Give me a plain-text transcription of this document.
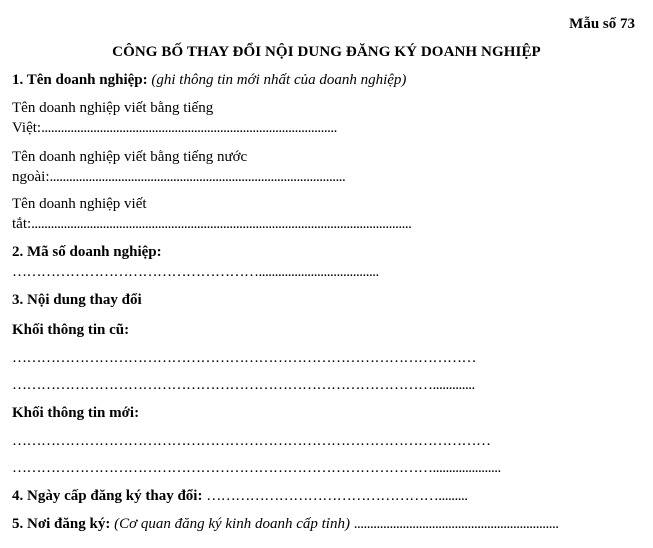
Mẫu số 73
CÔNG BỐ THAY ĐỔI NỘI DUNG ĐĂNG KÝ DOANH NGHIỆP
1. Tên doanh nghiệp: (ghi thông tin mới nhất của doanh nghiệp)
Tên doanh nghiệp viết bằng tiếng
Việt:...........................................................................................
Tên doanh nghiệp viết bằng tiếng nước
ngoài:...........................................................................................
Tên doanh nghiệp viết
tắt:.....................................................................................................................
2. Mã số doanh nghiệp:
…………………………………………….....................................
3. Nội dung thay đổi
Khối thông tin cũ:
……………………………………………………………………………………
…………………………………………………………………………….............
Khối thông tin mới:
………………………………………………………………………………………
…………………………………………………………………………….....................
4. Ngày cấp đăng ký thay đổi: ………………………………………….........
5. Nơi đăng ký: (Cơ quan đăng ký kinh doanh cấp tỉnh) ...............................................................
